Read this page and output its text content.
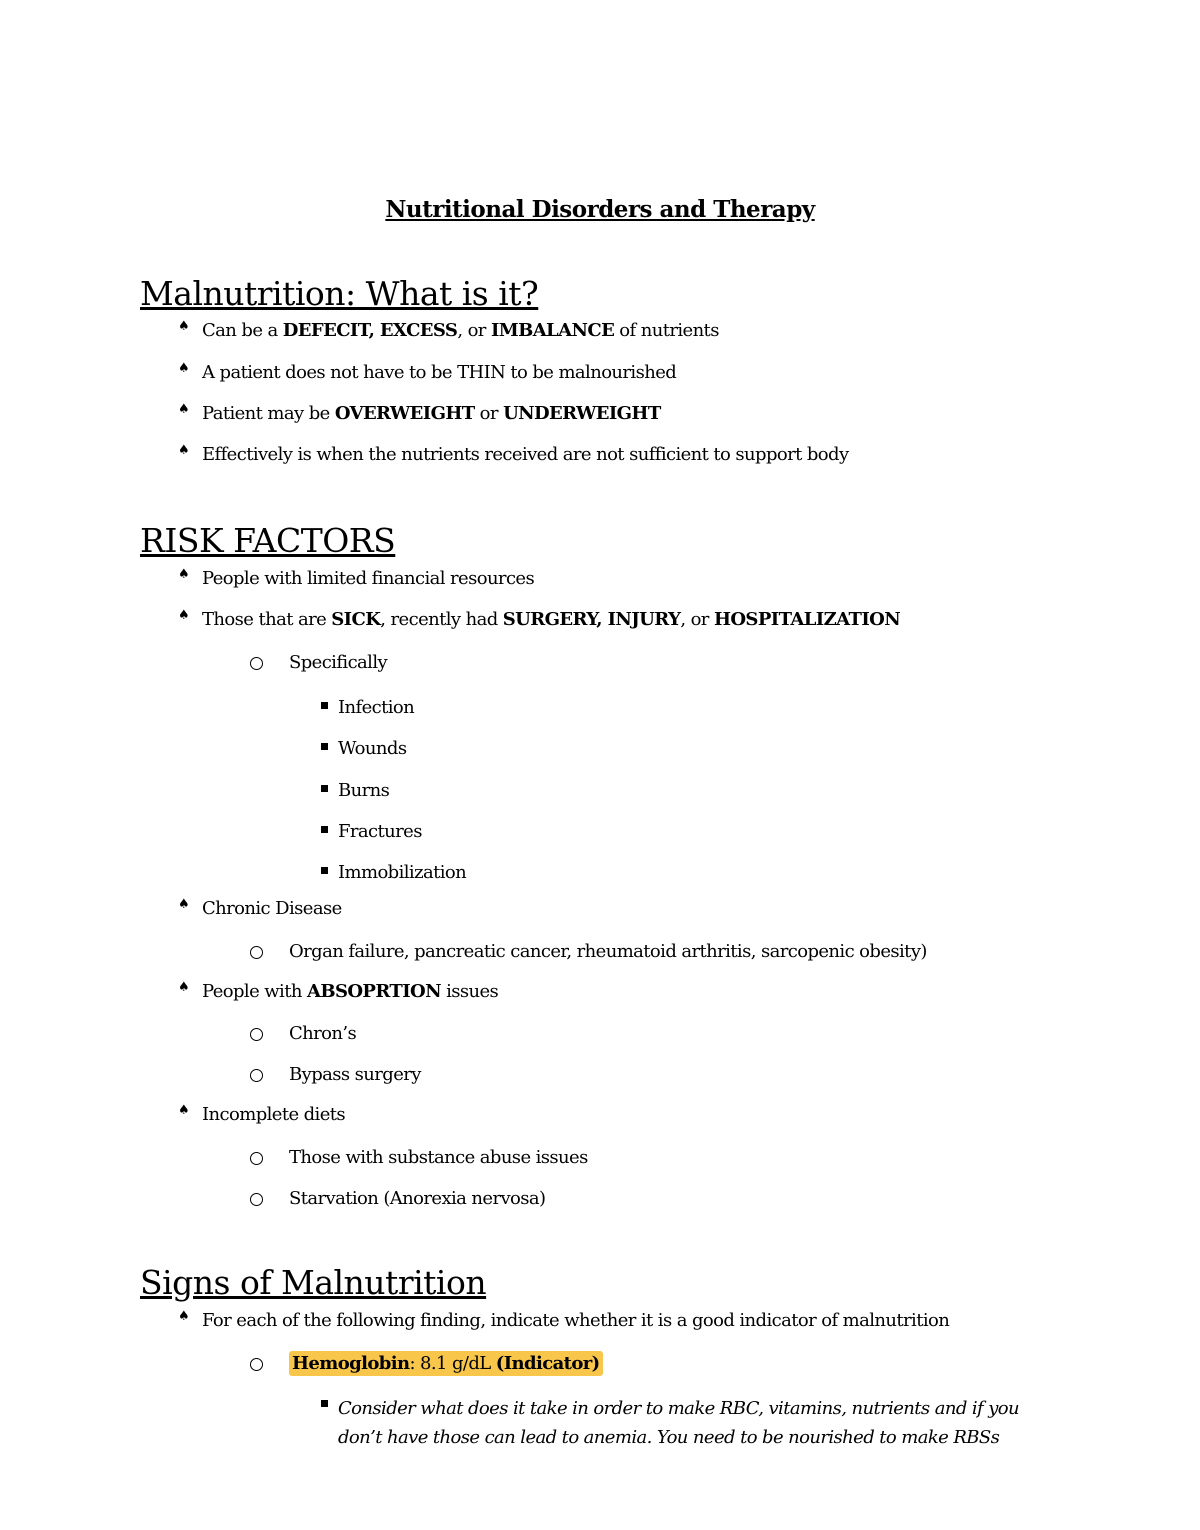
Nutritional Disorders and Therapy
Malnutrition: What is it?
♠ Can be a DEFECIT, EXCESS, or IMBALANCE of nutrients
♠ A patient does not have to be THIN to be malnourished
♠ Patient may be OVERWEIGHT or UNDERWEIGHT
♠ Effectively is when the nutrients received are not sufficient to support body
RISK FACTORS
♠ People with limited financial resources
♠ Those that are SICK, recently had SURGERY, INJURY, or HOSPITALIZATION
Specifically
Infection
Wounds
Burns
Fractures
Immobilization
♠ Chronic Disease
Organ failure, pancreatic cancer, rheumatoid arthritis, sarcopenic obesity)
♠ People with ABSOPRTION issues
Chron’s
Bypass surgery
♠ Incomplete diets
Those with substance abuse issues
Starvation (Anorexia nervosa)
Signs of Malnutrition
♠ For each of the following finding, indicate whether it is a good indicator of malnutrition
Hemoglobin: 8.1 g/dL (Indicator)
Consider what does it take in order to make RBC, vitamins, nutrients and if you don’t have those can lead to anemia. You need to be nourished to make RBSs
